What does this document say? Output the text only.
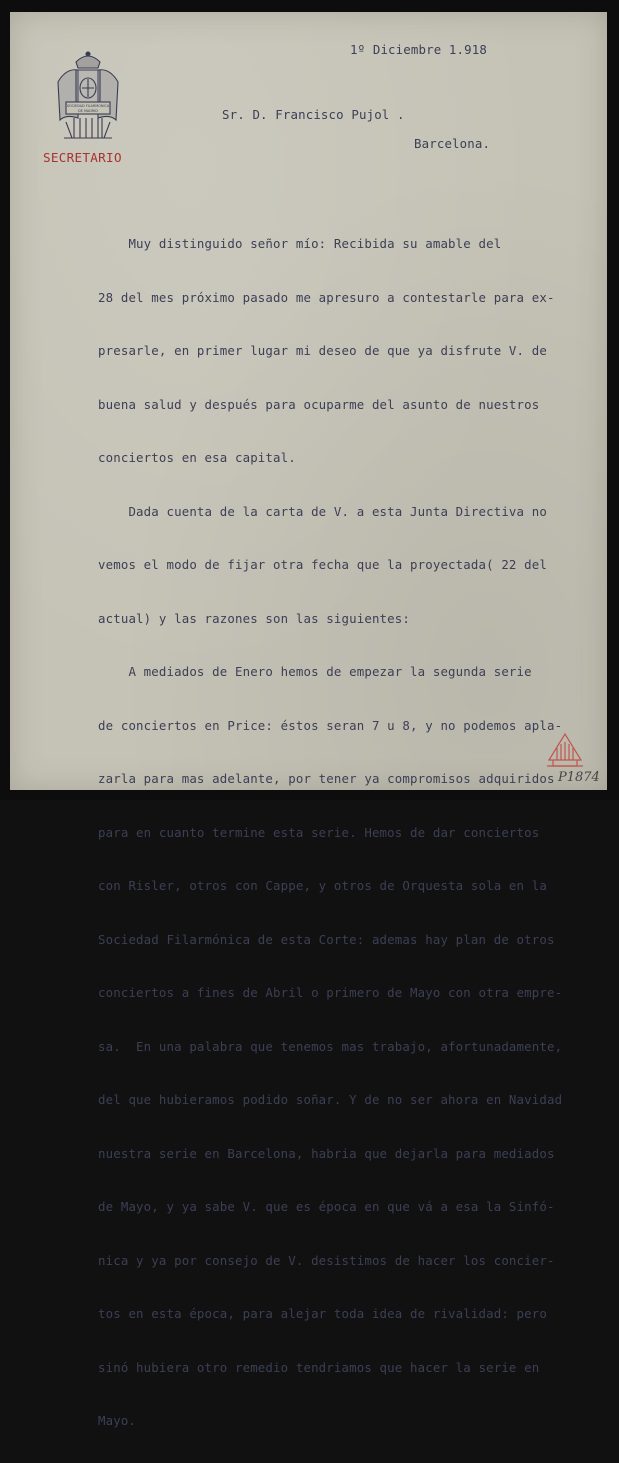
SOCIEDAD FILARMONICA
DE MADRID
SECRETARIO
1º Diciembre 1.918
Sr. D. Francisco Pujol .
Barcelona.

Muy distinguido señor mío: Recibida su amable del

28 del mes próximo pasado me apresuro a contestarle para ex-

presarle, en primer lugar mi deseo de que ya disfrute V. de

buena salud y después para ocuparme del asunto de nuestros

conciertos en esa capital.

Dada cuenta de la carta de V. a esta Junta Directiva no

vemos el modo de fijar otra fecha que la proyectada( 22 del

actual) y las razones son las siguientes:

A mediados de Enero hemos de empezar la segunda serie

de conciertos en Price: éstos seran 7 u 8, y no podemos apla-

zarla para mas adelante, por tener ya compromisos adquiridos

para en cuanto termine esta serie. Hemos de dar conciertos

con Risler, otros con Cappe, y otros de Orquesta sola en la

Sociedad Filarmónica de esta Corte: ademas hay plan de otros

conciertos a fines de Abril o primero de Mayo con otra empre-

sa.  En una palabra que tenemos mas trabajo, afortunadamente,

del que hubieramos podido soñar. Y de no ser ahora en Navidad

nuestra serie en Barcelona, habria que dejarla para mediados

de Mayo, y ya sabe V. que es época en que vá a esa la Sinfó-

nica y ya por consejo de V. desistimos de hacer los concier-

tos en esta época, para alejar toda idea de rivalidad: pero

sinó hubiera otro remedio tendriamos que hacer la serie en

Mayo.

P1874
